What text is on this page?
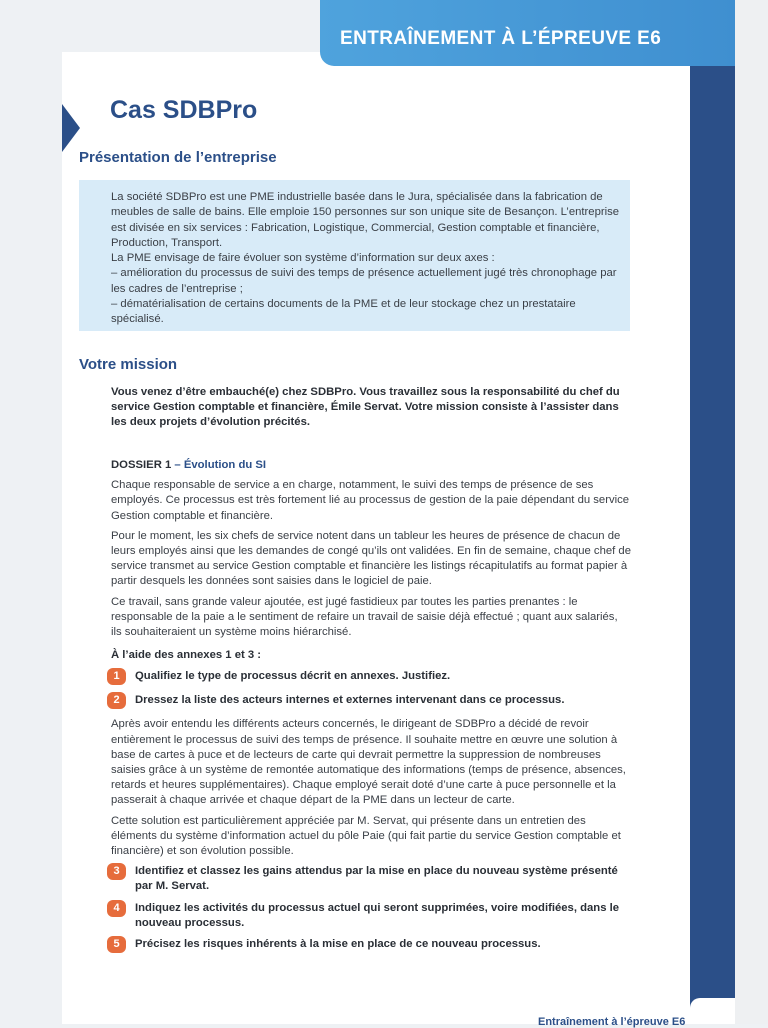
ENTRAÎNEMENT À L’ÉPREUVE E6
Cas SDBPro
Présentation de l’entreprise

La société SDBPro est une PME industrielle basée dans le Jura, spécialisée dans la fabrication de meubles de salle de bains. Elle emploie 150 personnes sur son unique site de Besançon. L’entreprise est divisée en six services : Fabrication, Logistique, Commercial, Gestion comptable et financière, Production, Transport.

La PME envisage de faire évoluer son système d’information sur deux axes :

– amélioration du processus de suivi des temps de présence actuellement jugé très chronophage par les cadres de l’entreprise ;

– dématérialisation de certains documents de la PME et de leur stockage chez un prestataire spécialisé.

Votre mission
Vous venez d’être embauché(e) chez SDBPro. Vous travaillez sous la responsabilité du chef du service Gestion comptable et financière, Émile Servat. Votre mission consiste à l’assister dans les deux projets d’évolution précités.

DOSSIER 1 – Évolution du SI

Chaque responsable de service a en charge, notamment, le suivi des temps de présence de ses employés. Ce processus est très fortement lié au processus de gestion de la paie dépendant du service Gestion comptable et financière.

Pour le moment, les six chefs de service notent dans un tableur les heures de présence de chacun de leurs employés ainsi que les demandes de congé qu’ils ont validées. En fin de semaine, chaque chef de service transmet au service Gestion comptable et financière les listings récapitulatifs au format papier à partir desquels les données sont saisies dans le logiciel de paie.

Ce travail, sans grande valeur ajoutée, est jugé fastidieux par toutes les parties prenantes : le responsable de la paie a le sentiment de refaire un travail de saisie déjà effectué ; quant aux salariés, ils souhaiteraient un système moins hiérarchisé.

À l’aide des annexes 1 et 3 :

1	Qualifiez le type de processus décrit en annexes. Justifiez.
2	Dressez la liste des acteurs internes et externes intervenant dans ce processus.

Après avoir entendu les différents acteurs concernés, le dirigeant de SDBPro a décidé de revoir entièrement le processus de suivi des temps de présence. Il souhaite mettre en œuvre une solution à base de cartes à puce et de lecteurs de carte qui devrait permettre la suppression de nombreuses saisies grâce à un système de remontée automatique des informations (temps de présence, absences, retards et heures supplémentaires). Chaque employé serait doté d’une carte à puce personnelle et la passerait à chaque arrivée et chaque départ de la PME dans un lecteur de carte.

Cette solution est particulièrement appréciée par M. Servat, qui présente dans un entretien des éléments du système d’information actuel du pôle Paie (qui fait partie du service Gestion comptable et financière) et son évolution possible.

3	Identifiez et classez les gains attendus par la mise en place du nouveau système présenté par M. Servat.
4	Indiquez les activités du processus actuel qui seront supprimées, voire modifiées, dans le nouveau processus.
5	Précisez les risques inhérents à la mise en place de ce nouveau processus.
Entraînement à l’épreuve E6
